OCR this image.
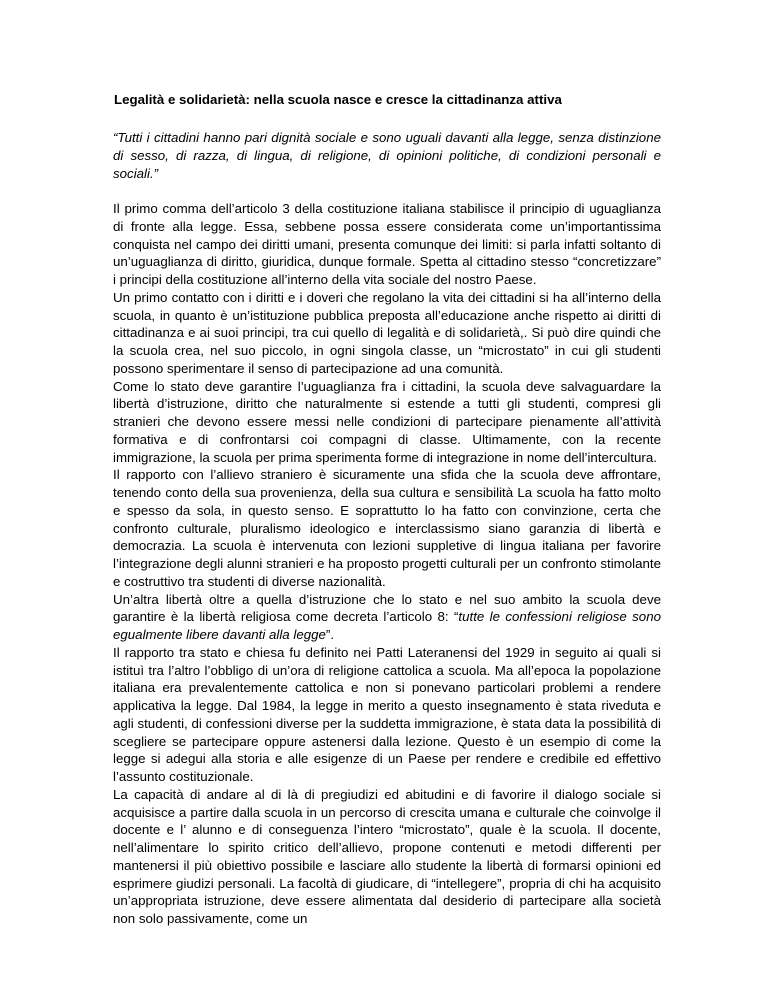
Legalità e solidarietà: nella scuola nasce e cresce la cittadinanza attiva
“Tutti i cittadini hanno pari dignità sociale e sono uguali davanti alla legge, senza distinzione di sesso, di razza, di lingua, di religione, di opinioni politiche, di condizioni personali e sociali.”

Il primo comma dell’articolo 3 della costituzione italiana stabilisce il principio di uguaglianza di fronte alla legge. Essa, sebbene possa essere considerata come un’importantissima conquista nel campo dei diritti umani, presenta comunque dei limiti: si parla infatti soltanto di un’uguaglianza di diritto, giuridica, dunque formale. Spetta al cittadino stesso “concretizzare” i principi della costituzione all’interno della vita sociale del nostro Paese.

Un primo contatto con i diritti e i doveri che regolano la vita dei cittadini si ha all’interno della scuola, in quanto è un’istituzione pubblica preposta all’educazione anche rispetto ai diritti di cittadinanza e ai suoi principi, tra cui quello di legalità e di solidarietà,. Si può dire quindi che la scuola crea, nel suo piccolo, in ogni singola classe, un “microstato” in cui gli studenti possono sperimentare il senso di partecipazione ad una comunità.

Come lo stato deve garantire l’uguaglianza fra i cittadini, la scuola deve salvaguardare la libertà d’istruzione, diritto che naturalmente si estende a tutti gli studenti, compresi gli stranieri che devono essere messi nelle condizioni di partecipare pienamente all’attività formativa e di confrontarsi coi compagni di classe. Ultimamente, con la recente immigrazione, la scuola per prima sperimenta forme di integrazione in nome dell’intercultura.

Il rapporto con l’allievo straniero è sicuramente una sfida che la scuola deve affrontare, tenendo conto della sua provenienza, della sua cultura e sensibilità La scuola ha fatto molto e spesso da sola, in questo senso. E soprattutto lo ha fatto con convinzione, certa che confronto culturale, pluralismo ideologico e interclassismo siano garanzia di libertà e democrazia. La scuola è intervenuta con lezioni suppletive di lingua italiana per favorire l’integrazione degli alunni stranieri e ha proposto progetti culturali per un confronto stimolante e costruttivo tra studenti di diverse nazionalità.

Un’altra libertà oltre a quella d’istruzione che lo stato e nel suo ambito la scuola deve garantire è la libertà religiosa come decreta l’articolo 8: “tutte le confessioni religiose sono egualmente libere davanti alla legge”.

Il rapporto tra stato e chiesa fu definito nei Patti Lateranensi del 1929 in seguito ai quali si istituì tra l’altro l’obbligo di un’ora di religione cattolica a scuola. Ma all’epoca la popolazione italiana era prevalentemente cattolica e non si ponevano particolari problemi a rendere applicativa la legge. Dal 1984, la legge in merito a questo insegnamento è stata riveduta e agli studenti, di confessioni diverse per la suddetta immigrazione, è stata data la possibilità di scegliere se partecipare oppure astenersi dalla lezione. Questo è un esempio di come la legge si adegui alla storia e alle esigenze di un Paese per rendere e credibile ed effettivo l’assunto costituzionale.

La capacità di andare al di là di pregiudizi ed abitudini e di favorire il dialogo sociale si acquisisce a partire dalla scuola in un percorso di crescita umana e culturale che coinvolge il docente e l’ alunno e di conseguenza l’intero “microstato”, quale è la scuola. Il docente, nell’alimentare lo spirito critico dell’allievo, propone contenuti e metodi differenti per mantenersi il più obiettivo possibile e lasciare allo studente la libertà di formarsi opinioni ed esprimere giudizi personali. La facoltà di giudicare, di “intellegere”, propria di chi ha acquisito un’appropriata istruzione, deve essere alimentata dal desiderio di partecipare alla società non solo passivamente, come un
